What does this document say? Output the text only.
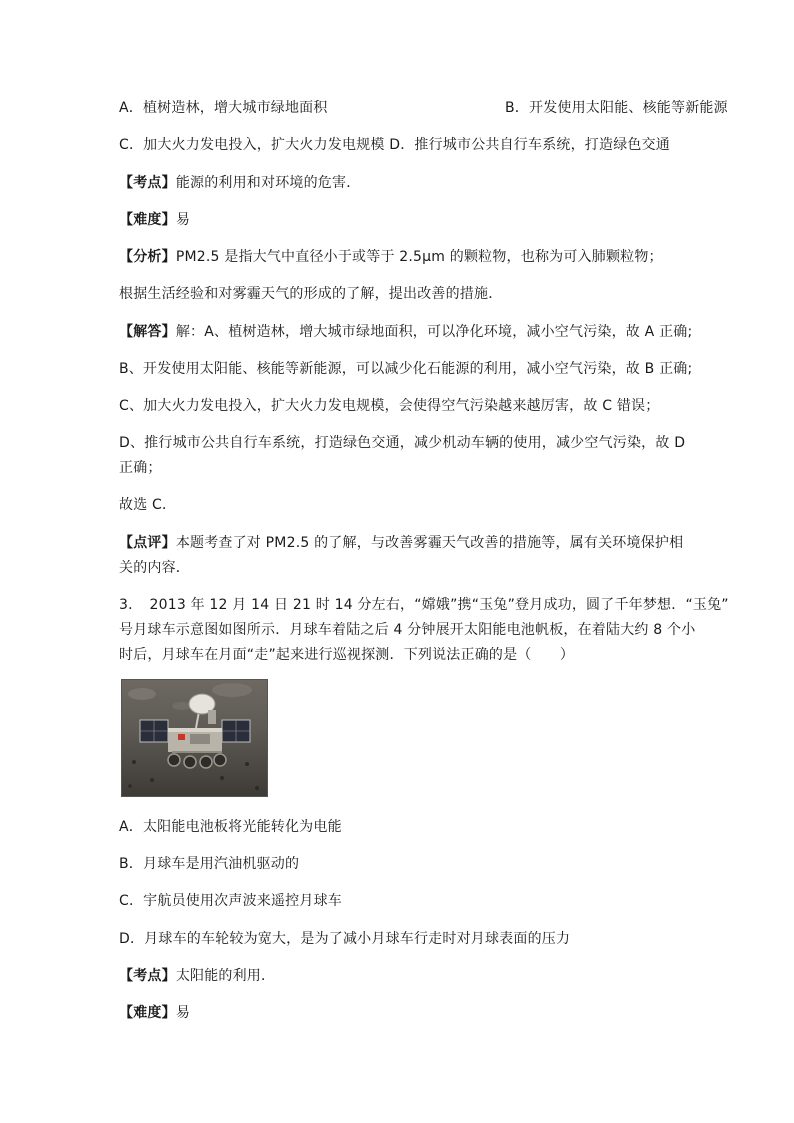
A．植树造林，增大城市绿地面积	B．开发使用太阳能、核能等新能源
C．加大火力发电投入，扩大火力发电规模 D．推行城市公共自行车系统，打造绿色交通
【考点】能源的利用和对环境的危害．
【难度】易
【分析】PM2.5 是指大气中直径小于或等于 2.5μm 的颗粒物，也称为可入肺颗粒物；
根据生活经验和对雾霾天气的形成的了解，提出改善的措施．
【解答】解：A、植树造林，增大城市绿地面积，可以净化环境，减小空气污染，故 A 正确;
B、开发使用太阳能、核能等新能源，可以减少化石能源的利用，减小空气污染，故 B 正确;
C、加大火力发电投入，扩大火力发电规模，会使得空气污染越来越厉害，故 C 错误；
D、推行城市公共自行车系统，打造绿色交通，减少机动车辆的使用，减少空气污染，故 D
正确；
故选 C．
【点评】本题考查了对 PM2.5 的了解，与改善雾霾天气改善的措施等，属有关环境保护相
关的内容．
3．　2013 年 12 月 14 日 21 时 14 分左右，“嫦娥”携“玉兔”登月成功，圆了千年梦想．“玉兔”
号月球车示意图如图所示．月球车着陆之后 4 分钟展开太阳能电池帆板，在着陆大约 8 个小
时后，月球车在月面“走”起来进行巡视探测．下列说法正确的是（　　）
A．太阳能电池板将光能转化为电能
B．月球车是用汽油机驱动的
C．宇航员使用次声波来遥控月球车
D．月球车的车轮较为宽大，是为了减小月球车行走时对月球表面的压力
【考点】太阳能的利用．
【难度】易
